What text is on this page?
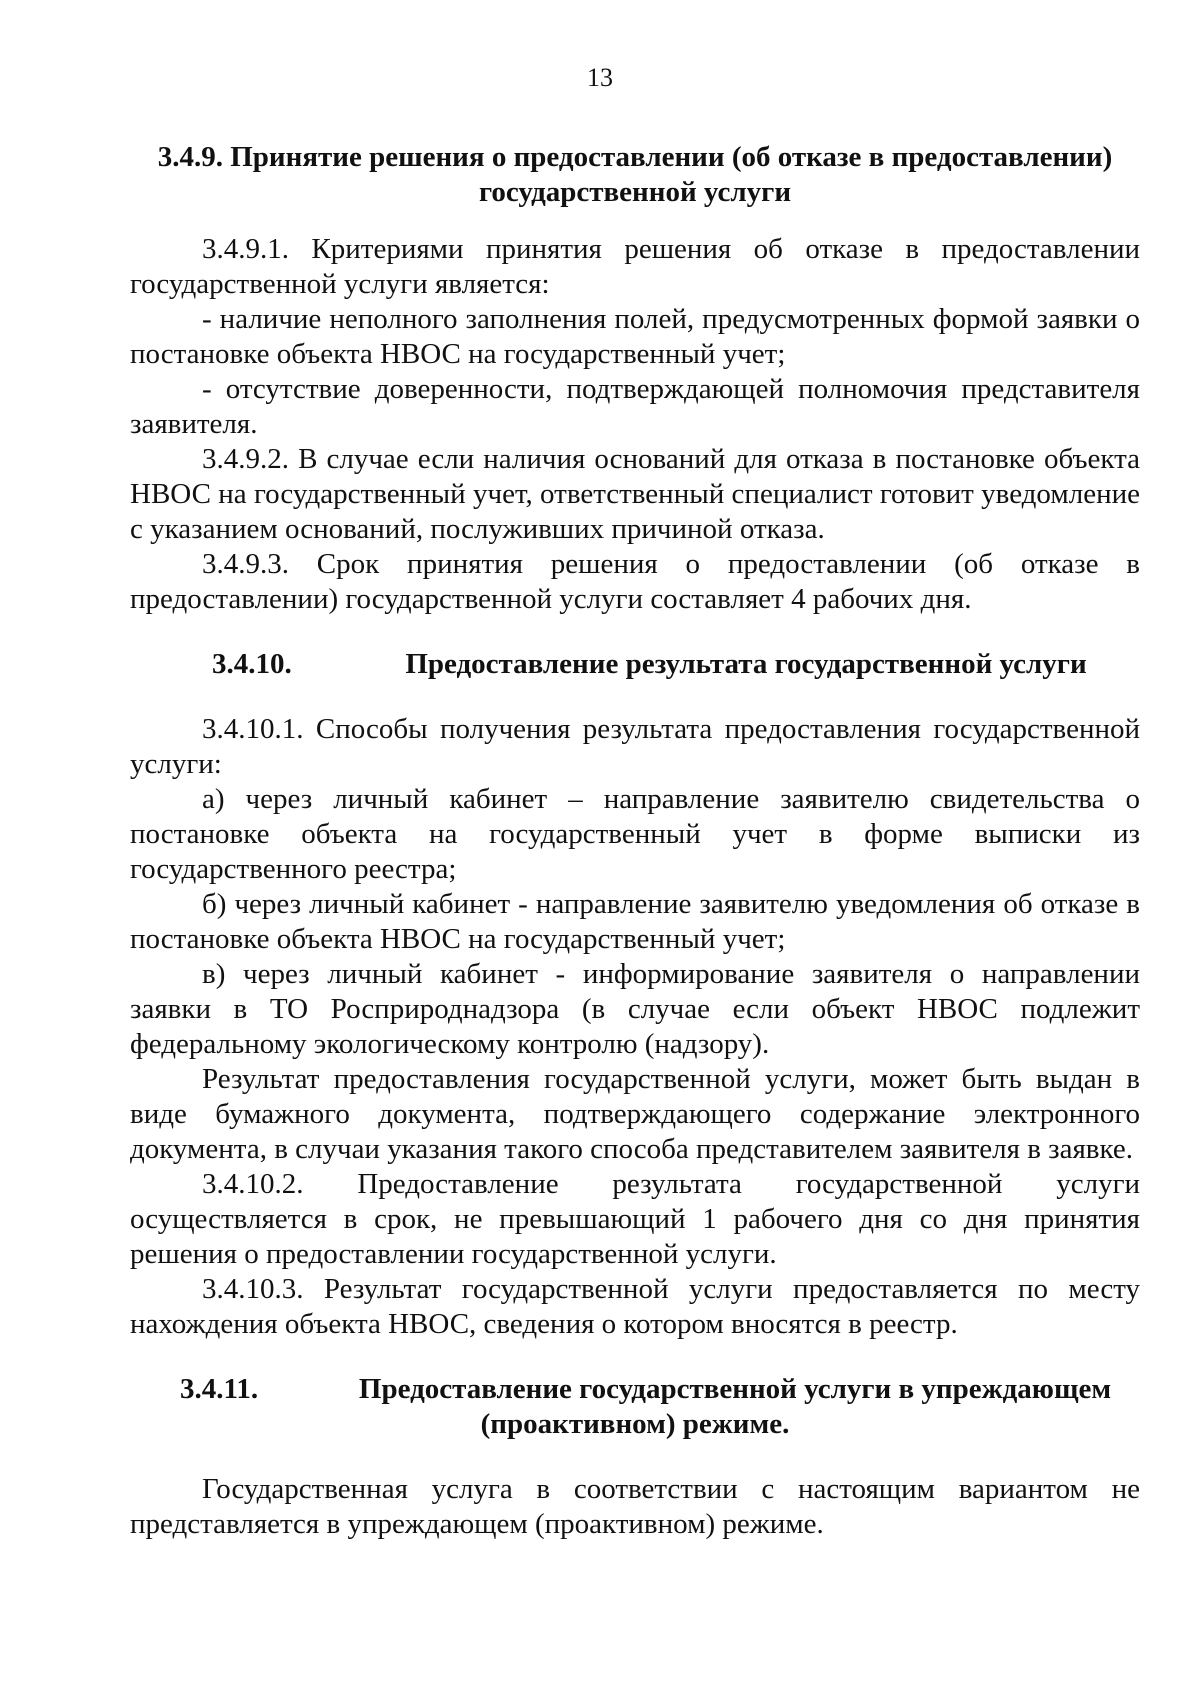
13

3.4.9. Принятие решения о предоставлении (об отказе в предоставлении)

государственной услуги

3.4.9.1. Критериями принятия решения об отказе в предоставлении государственной услуги является:

- наличие неполного заполнения полей, предусмотренных формой заявки о постановке объекта НВОС на государственный учет;

- отсутствие доверенности, подтверждающей полномочия представителя заявителя.

3.4.9.2. В случае если наличия оснований для отказа в постановке объекта НВОС на государственный учет, ответственный специалист готовит уведомление с указанием оснований, послуживших причиной отказа.

3.4.9.3. Срок принятия решения о предоставлении (об отказе в предоставлении) государственной услуги составляет 4 рабочих дня.

3.4.10.	Предоставление результата государственной услуги

3.4.10.1. Способы получения результата предоставления государственной услуги:

а) через личный кабинет – направление заявителю свидетельства о постановке объекта на государственный учет в форме выписки из государственного реестра;

б) через личный кабинет - направление заявителю уведомления об отказе в постановке объекта НВОС на государственный учет;

в) через личный кабинет - информирование заявителя о направлении заявки в ТО Росприроднадзора (в случае если объект НВОС подлежит федеральному экологическому контролю (надзору).

Результат предоставления государственной услуги, может быть выдан в виде бумажного документа, подтверждающего содержание электронного документа, в случаи указания такого способа представителем заявителя в заявке.

3.4.10.2. Предоставление результата государственной услуги осуществляется в срок, не превышающий 1 рабочего дня со дня принятия решения о предоставлении государственной услуги.

3.4.10.3. Результат государственной услуги предоставляется по месту нахождения объекта НВОС, сведения о котором вносятся в реестр.

3.4.11.	Предоставление государственной услуги в упреждающем

(проактивном) режиме.

Государственная услуга в соответствии с настоящим вариантом не представляется в упреждающем (проактивном) режиме.
